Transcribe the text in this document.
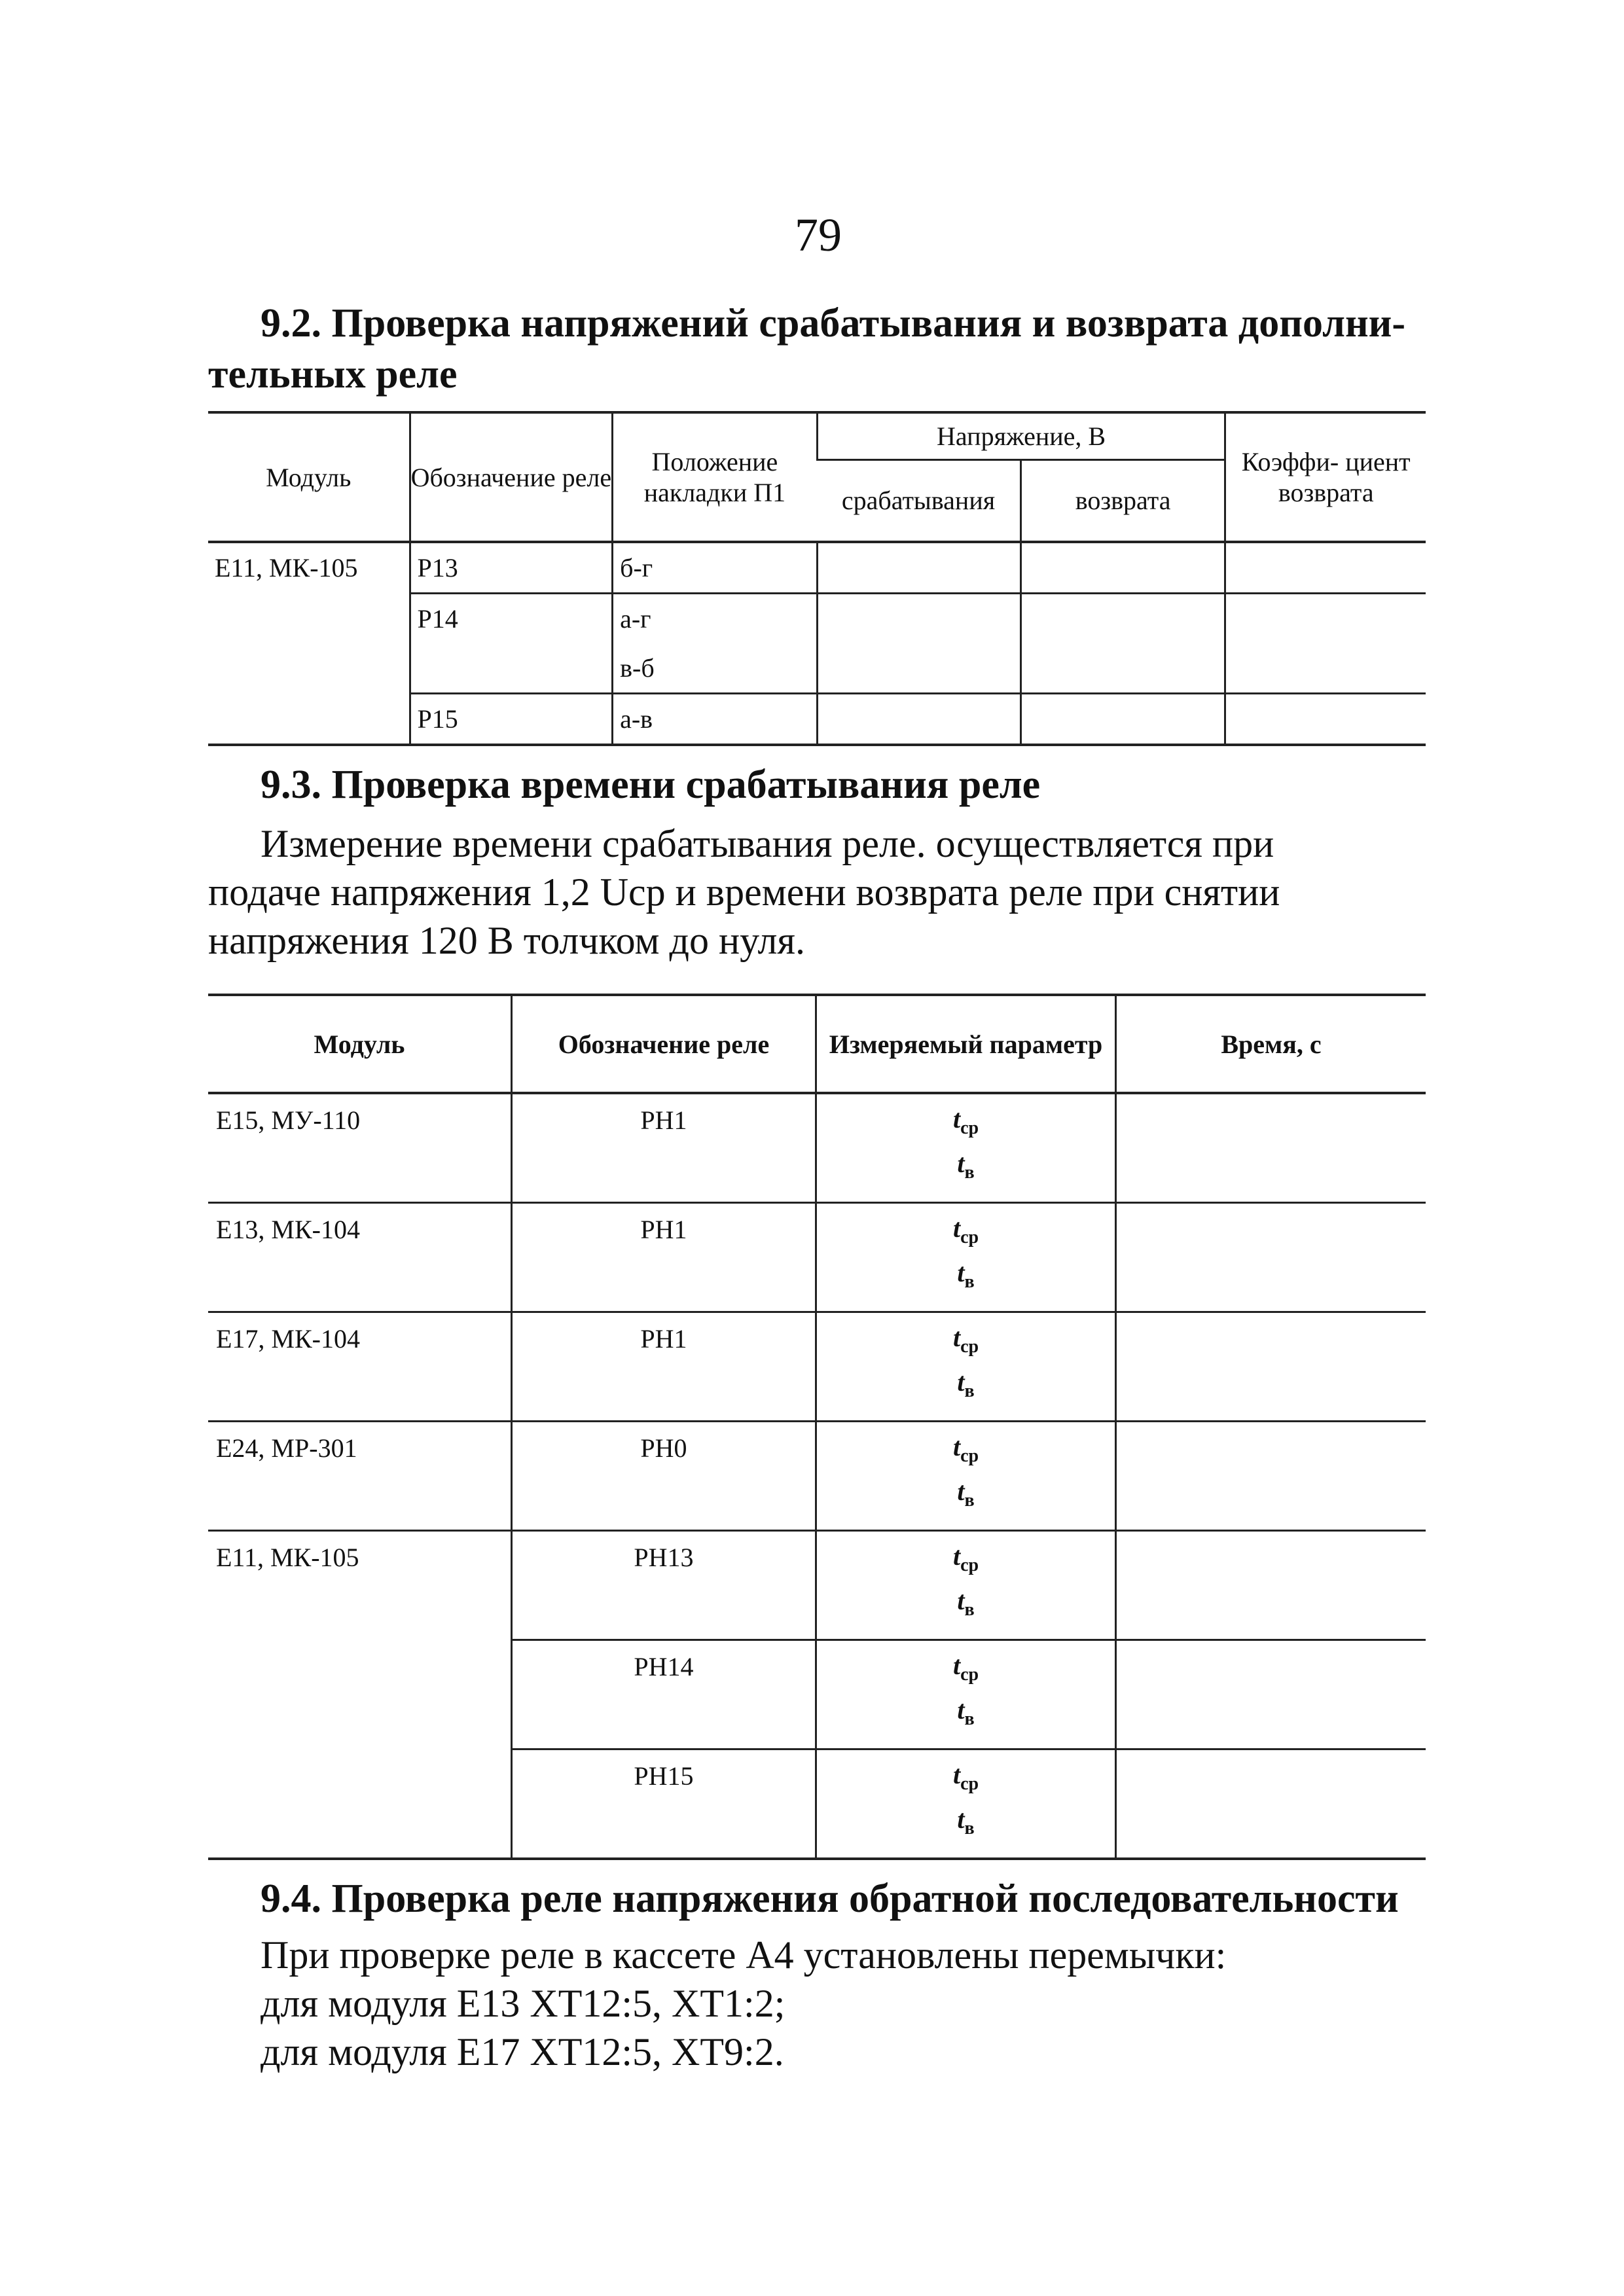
79
9.2. Проверка напряжений срабатывания и возврата дополни-
тельных реле
Модуль	Обозначение реле	Положение накладки П1	Напряжение, В		Коэффи- циент возврата
			срабатывания	возврата	
Е11, МК-105	Р13	б-г			
	Р14	а-г			
		в-б			
	Р15	а-в			
9.3. Проверка времени срабатывания реле
Измерение времени срабатывания реле. осуществляется при
подаче напряжения 1,2 Uср и времени возврата реле при снятии
напряжения 120 В толчком до нуля.
Модуль	Обозначение реле	Измеряемый параметр	Время, с
Е15, МУ-110	РН1	$t_{ср}$	
		$t_в$
Е13, МК-104	РН1	$t_{ср}$	
		$t_в$
Е17, МК-104	РН1	$t_{ср}$	
		$t_в$
Е24, МР-301	РН0	$t_{ср}$	
		$t_в$
Е11, МК-105	РН13	$t_{ср}$	
		$t_в$
	РН14	$t_{ср}$	
		$t_в$
	РН15	$t_{ср}$	
		$t_в$
9.4. Проверка реле напряжения обратной последовательности
При проверке реле в кассете А4 установлены перемычки:
для модуля Е13 ХТ12:5, ХТ1:2;
для модуля Е17 ХТ12:5, ХТ9:2.
